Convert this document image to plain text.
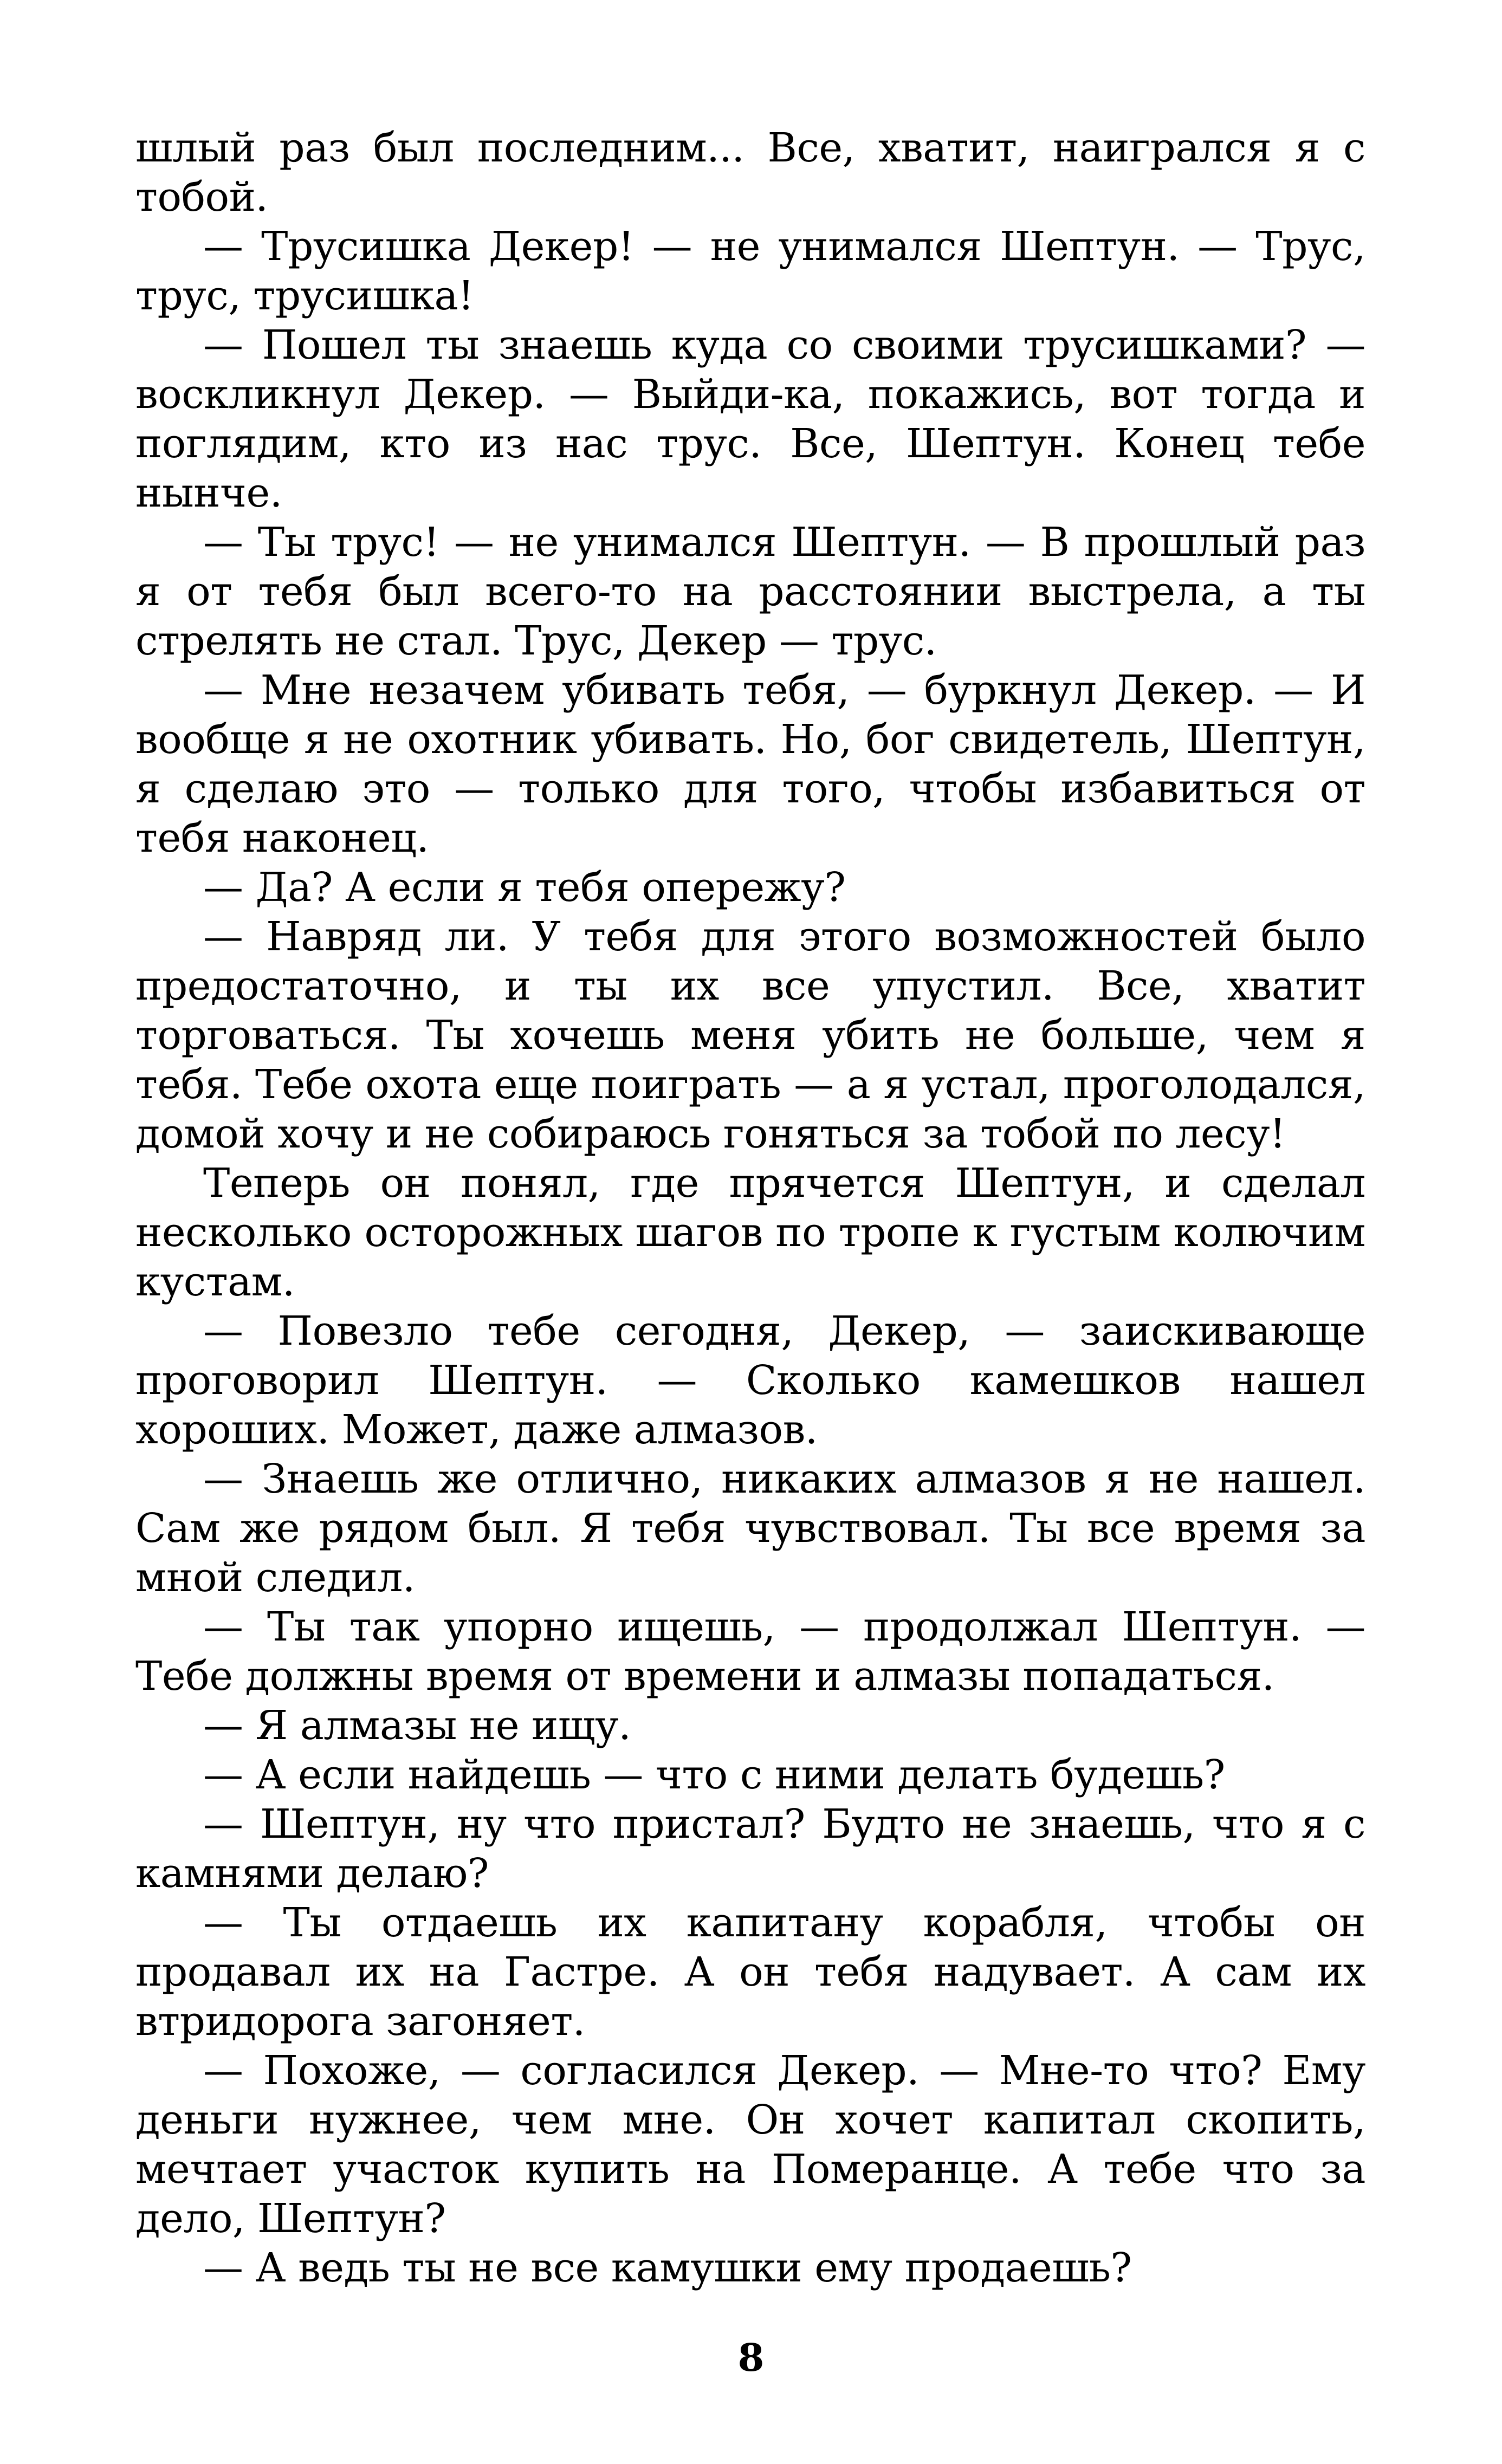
шлый раз был последним... Все, хватит, наигрался я с тобой.

— Трусишка Декер! — не унимался Шептун. — Трус, трус, трусишка!

— Пошел ты знаешь куда со своими трусишками? — воскликнул Декер. — Выйди-ка, покажись, вот тогда и поглядим, кто из нас трус. Все, Шептун. Конец тебе нынче.

— Ты трус! — не унимался Шептун. — В прошлый раз я от тебя был всего-то на расстоянии выстрела, а ты стрелять не стал. Трус, Декер — трус.

— Мне незачем убивать тебя, — буркнул Декер. — И вообще я не охотник убивать. Но, бог свидетель, Шептун, я сделаю это — только для того, чтобы избавиться от тебя наконец.

— Да? А если я тебя опережу?

— Навряд ли. У тебя для этого возможностей было предостаточно, и ты их все упустил. Все, хватит торговаться. Ты хочешь меня убить не больше, чем я тебя. Тебе охота еще поиграть — а я устал, проголодался, домой хочу и не собираюсь гоняться за тобой по лесу!

Теперь он понял, где прячется Шептун, и сделал несколько осторожных шагов по тропе к густым колючим кустам.

— Повезло тебе сегодня, Декер, — заискивающе проговорил Шептун. — Сколько камешков нашел хороших. Может, даже алмазов.

— Знаешь же отлично, никаких алмазов я не нашел. Сам же рядом был. Я тебя чувствовал. Ты все время за мной следил.

— Ты так упорно ищешь, — продолжал Шептун. — Тебе должны время от времени и алмазы попадаться.

— Я алмазы не ищу.

— А если найдешь — что с ними делать будешь?

— Шептун, ну что пристал? Будто не знаешь, что я с камнями делаю?

— Ты отдаешь их капитану корабля, чтобы он продавал их на Гастре. А он тебя надувает. А сам их втридорога загоняет.

— Похоже, — согласился Декер. — Мне-то что? Ему деньги нужнее, чем мне. Он хочет капитал скопить, мечтает участок купить на Померанце. А тебе что за дело, Шептун?

— А ведь ты не все камушки ему продаешь?

8
